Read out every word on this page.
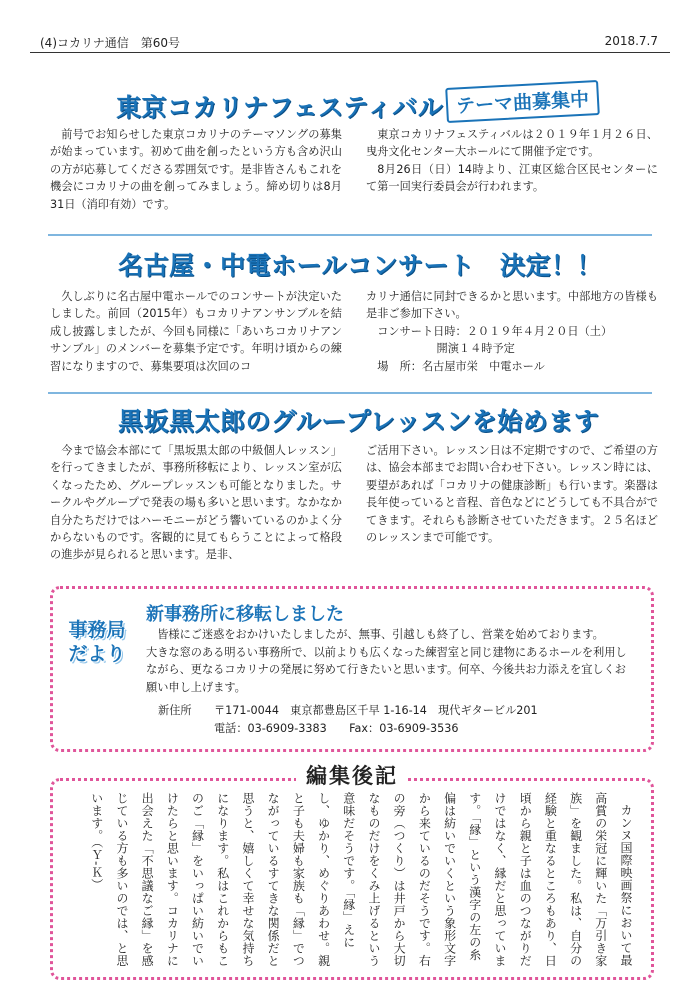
(4)コカリナ通信　第60号	2018.7.7
東京コカリナフェスティバル テーマ曲募集中

前号でお知らせした東京コカリナのテーマソングの募集が始まっています。初めて曲を創ったという方も含め沢山の方が応募してくださる雰囲気です。是非皆さんもこれを機会にコカリナの曲を創ってみましょう。締め切りは8月31日（消印有効）です。

東京コカリナフェスティバルは２０１９年１月２６日、曳舟文化センター大ホールにて開催予定です。

8月26日（日）14時より、江東区総合区民センターにて第一回実行委員会が行われます。

名古屋・中電ホールコンサート　決定！！

久しぶりに名古屋中電ホールでのコンサートが決定いたしました。前回（2015年）もコカリナアンサンブルを結成し披露しましたが、今回も同様に「あいちコカリナアンサンブル」のメンバーを募集予定です。年明け頃からの練習になりますので、募集要項は次回のコ

カリナ通信に同封できるかと思います。中部地方の皆様も是非ご参加下さい。

コンサート日時：２０１９年４月２０日（土）

開演１４時予定

場　所：名古屋市栄　中電ホール

黒坂黒太郎のグループレッスンを始めます

今まで協会本部にて「黒坂黒太郎の中級個人レッスン」を行ってきましたが、事務所移転により、レッスン室が広くなったため、グループレッスンも可能となりました。サークルやグループで発表の場も多いと思います。なかなか自分たちだけではハーモニーがどう響いているのかよく分からないものです。客観的に見てもらうことによって格段の進歩が見られると思います。是非、

ご活用下さい。レッスン日は不定期ですので、ご希望の方は、協会本部までお問い合わせ下さい。レッスン時には、要望があれば「コカリナの健康診断」も行います。楽器は長年使っていると音程、音色などにどうしても不具合がでてきます。それらも診断させていただきます。２５名ほどのレッスンまで可能です。

事務局
だより
新事務所に移転しました

皆様にご迷惑をおかけいたしましたが、無事、引越しも終了し、営業を始めております。

大きな窓のある明るい事務所で、以前よりも広くなった練習室と同じ建物にあるホールを利用しながら、更なるコカリナの発展に努めて行きたいと思います。何卒、今後共お力添えを宜しくお願い申し上げます。

新住所　　〒171-0044　東京都豊島区千早 1-16-14　現代ギタービル201
　　　　　電話：03-6909-3383　　Fax：03-6909-3536
編集後記

カンヌ国際映画祭において最高賞の栄冠に輝いた「万引き家族」を観ました。私は、自分の経験と重なるところもあり、日頃から親と子は血のつながりだけではなく、縁だと思っています。「縁」という漢字の左の糸偏は紡いでいくという象形文字から来ているのだそうです。右の旁（つくり）は井戸から大切なものだけをくみ上げるという意味だそうです。「縁」えにし、ゆかり、めぐりあわせ。親と子も夫婦も家族も「縁」でつながっているすてきな関係だと思うと、嬉しくて幸せな気持ちになります。私はこれからもこのご「縁」をいっぱい紡いでいけたらと思います。コカリナに出会えた「不思議なご縁」を感じている方も多いのでは、と思います。（Ｙ-Ｋ）
